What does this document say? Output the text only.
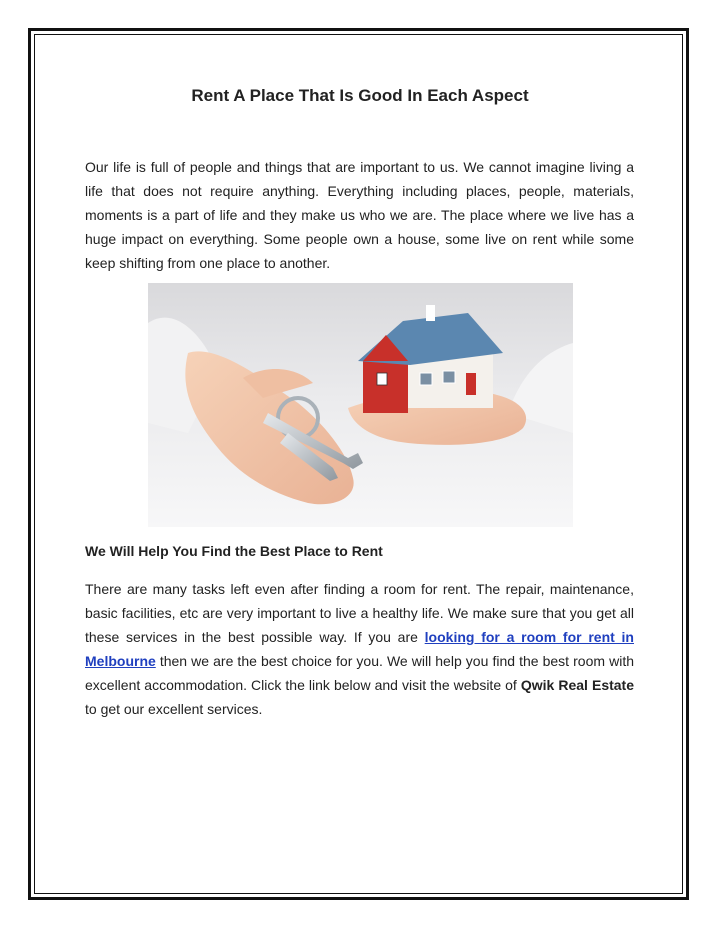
Rent A Place That Is Good In Each Aspect

Our life is full of people and things that are important to us. We cannot imagine living a life that does not require anything. Everything including places, people, materials, moments is a part of life and they make us who we are. The place where we live has a huge impact on everything. Some people own a house, some live on rent while some keep shifting from one place to another.

We Will Help You Find the Best Place to Rent

There are many tasks left even after finding a room for rent. The repair, maintenance, basic facilities, etc are very important to live a healthy life. We make sure that you get all these services in the best possible way. If you are looking for a room for rent in Melbourne then we are the best choice for you. We will help you find the best room with excellent accommodation. Click the link below and visit the website of Qwik Real Estate to get our excellent services.
